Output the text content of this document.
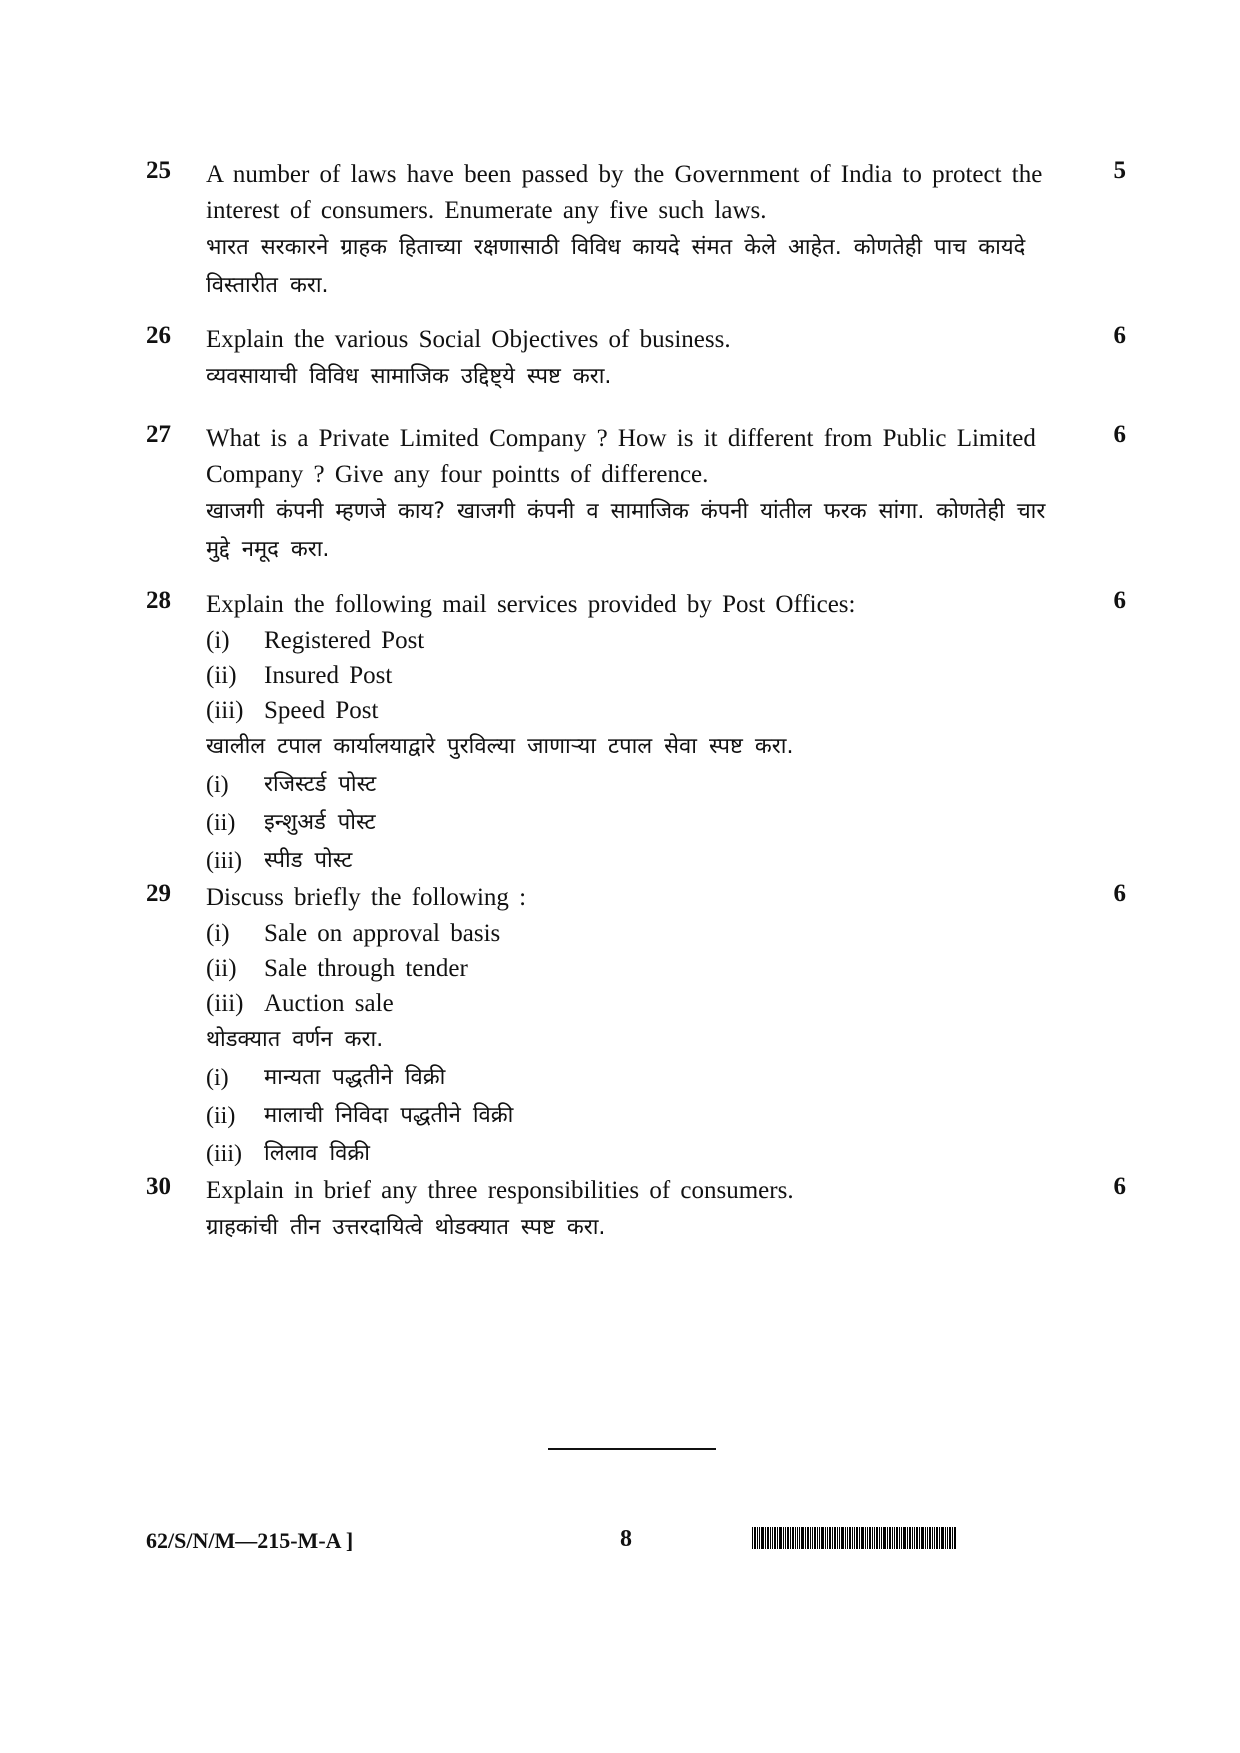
25	5
A number of laws have been passed by the Government of India to protect the interest of consumers. Enumerate any five such laws.
भारत सरकारने ग्राहक हिताच्या रक्षणासाठी विविध कायदे संमत केले आहेत. कोणतेही पाच कायदे विस्तारीत करा.
26	6
Explain the various Social Objectives of business.
व्यवसायाची विविध सामाजिक उद्दिष्ट्ये स्पष्ट करा.
27	6
What is a Private Limited Company ? How is it different from Public Limited Company ? Give any four pointts of difference.
खाजगी कंपनी म्हणजे काय? खाजगी कंपनी व सामाजिक कंपनी यांतील फरक सांगा. कोणतेही चार मुद्दे नमूद करा.
28	6
Explain the following mail services provided by Post Offices:
(i)	Registered Post
(ii)	Insured Post
(iii) Speed Post
खालील टपाल कार्यालयाद्वारे पुरविल्या जाणाऱ्या टपाल सेवा स्पष्ट करा.
(i)	रजिस्टर्ड पोस्ट
(ii)	इन्शुअर्ड पोस्ट
(iii)	स्पीड पोस्ट
29	6
Discuss briefly the following :
(i)	Sale on approval basis
(ii)	Sale through tender
(iii) Auction sale
थोडक्यात वर्णन करा.
(i)	मान्यता पद्धतीने विक्री
(ii)	मालाची निविदा पद्धतीने विक्री
(iii)	लिलाव विक्री
30	6
Explain in brief any three responsibilities of consumers.
ग्राहकांची तीन उत्तरदायित्वे थोडक्यात स्पष्ट करा.
62/S/N/M—215-M-A ]	8
